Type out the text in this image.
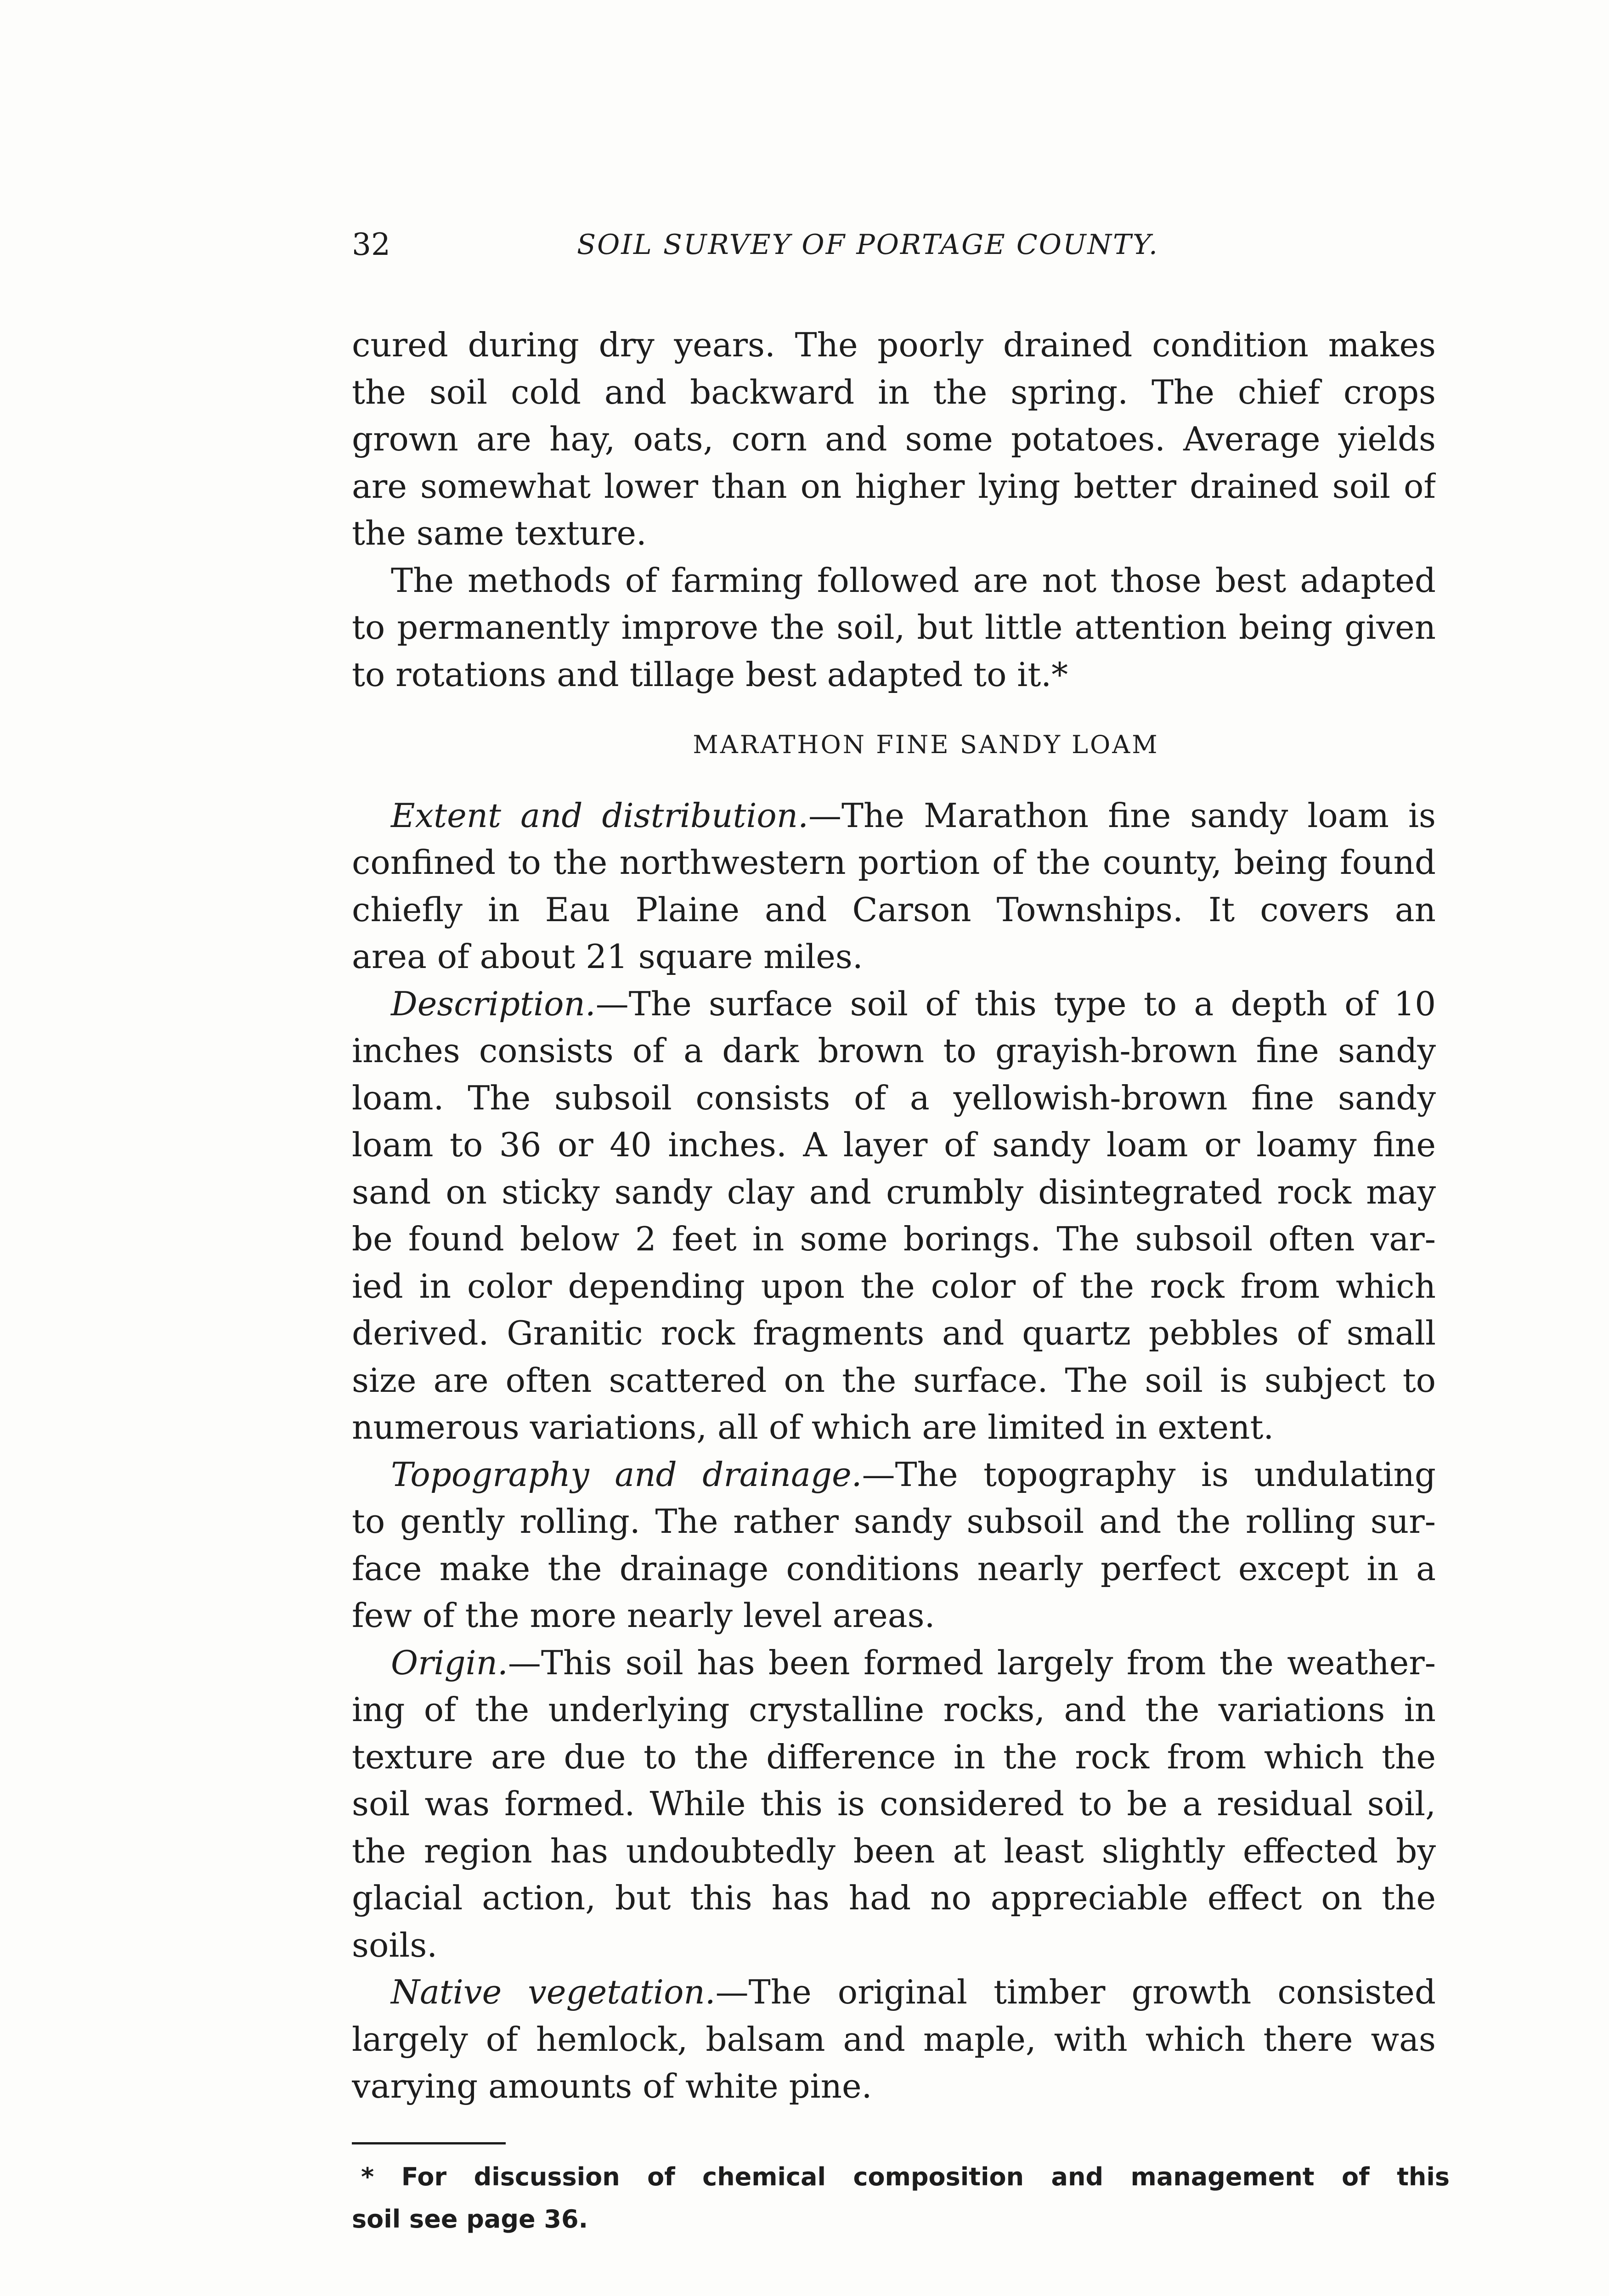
32	SOIL SURVEY OF PORTAGE COUNTY.
cured during dry years. The poorly drained condition makes
the soil cold and backward in the spring. The chief crops
grown are hay, oats, corn and some potatoes. Average yields
are somewhat lower than on higher lying better drained soil of
the same texture.
The methods of farming followed are not those best adapted
to permanently improve the soil, but little attention being given
to rotations and tillage best adapted to it.*
MARATHON FINE SANDY LOAM
Extent and distribution.—The Marathon fine sandy loam is
confined to the northwestern portion of the county, being found
chiefly in Eau Plaine and Carson Townships. It covers an
area of about 21 square miles.
Description.—The surface soil of this type to a depth of 10
inches consists of a dark brown to grayish-brown fine sandy
loam. The subsoil consists of a yellowish-brown fine sandy
loam to 36 or 40 inches. A layer of sandy loam or loamy fine
sand on sticky sandy clay and crumbly disintegrated rock may
be found below 2 feet in some borings. The subsoil often var-
ied in color depending upon the color of the rock from which
derived. Granitic rock fragments and quartz pebbles of small
size are often scattered on the surface. The soil is subject to
numerous variations, all of which are limited in extent.
Topography and drainage.—The topography is undulating
to gently rolling. The rather sandy subsoil and the rolling sur-
face make the drainage conditions nearly perfect except in a
few of the more nearly level areas.
Origin.—This soil has been formed largely from the weather-
ing of the underlying crystalline rocks, and the variations in
texture are due to the difference in the rock from which the
soil was formed. While this is considered to be a residual soil,
the region has undoubtedly been at least slightly effected by
glacial action, but this has had no appreciable effect on the
soils.
Native vegetation.—The original timber growth consisted
largely of hemlock, balsam and maple, with which there was
varying amounts of white pine.
* For discussion of chemical composition and management of this
soil see page 36.
